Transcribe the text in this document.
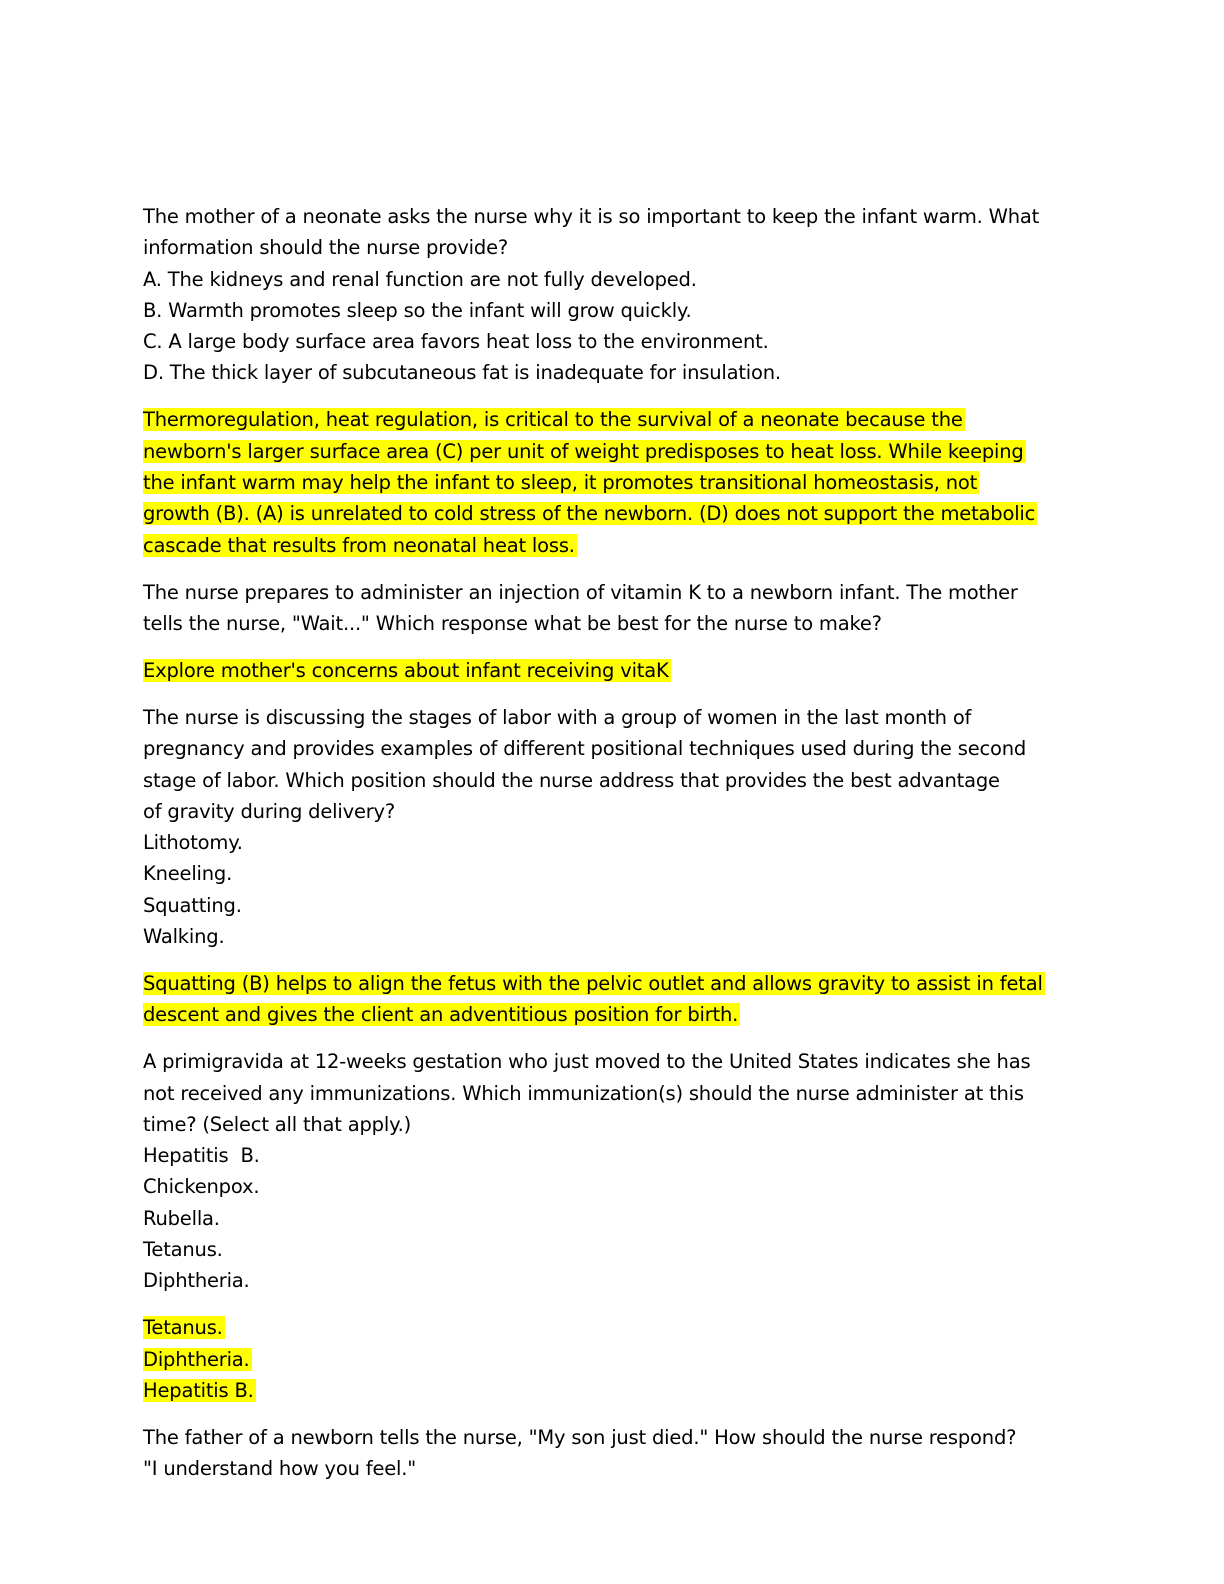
The mother of a neonate asks the nurse why it is so important to keep the infant warm. What
information should the nurse provide?
A. The kidneys and renal function are not fully developed.
B. Warmth promotes sleep so the infant will grow quickly.
C. A large body surface area favors heat loss to the environment.
D. The thick layer of subcutaneous fat is inadequate for insulation.
Thermoregulation, heat regulation, is critical to the survival of a neonate because the
newborn's larger surface area (C) per unit of weight predisposes to heat loss. While keeping
the infant warm may help the infant to sleep, it promotes transitional homeostasis, not
growth (B). (A) is unrelated to cold stress of the newborn. (D) does not support the metabolic
cascade that results from neonatal heat loss.
The nurse prepares to administer an injection of vitamin K to a newborn infant. The mother
tells the nurse, "Wait..." Which response what be best for the nurse to make?
Explore mother's concerns about infant receiving vitaK
The nurse is discussing the stages of labor with a group of women in the last month of
pregnancy and provides examples of different positional techniques used during the second
stage of labor. Which position should the nurse address that provides the best advantage
of gravity during delivery?
Lithotomy.
Kneeling.
Squatting.
Walking.
Squatting (B) helps to align the fetus with the pelvic outlet and allows gravity to assist in fetal
descent and gives the client an adventitious position for birth.
A primigravida at 12-weeks gestation who just moved to the United States indicates she has
not received any immunizations. Which immunization(s) should the nurse administer at this
time? (Select all that apply.)
Hepatitis  B.
Chickenpox.
Rubella.
Tetanus.
Diphtheria.
Tetanus.
Diphtheria.
Hepatitis B.
The father of a newborn tells the nurse, "My son just died." How should the nurse respond?
"I understand how you feel."
